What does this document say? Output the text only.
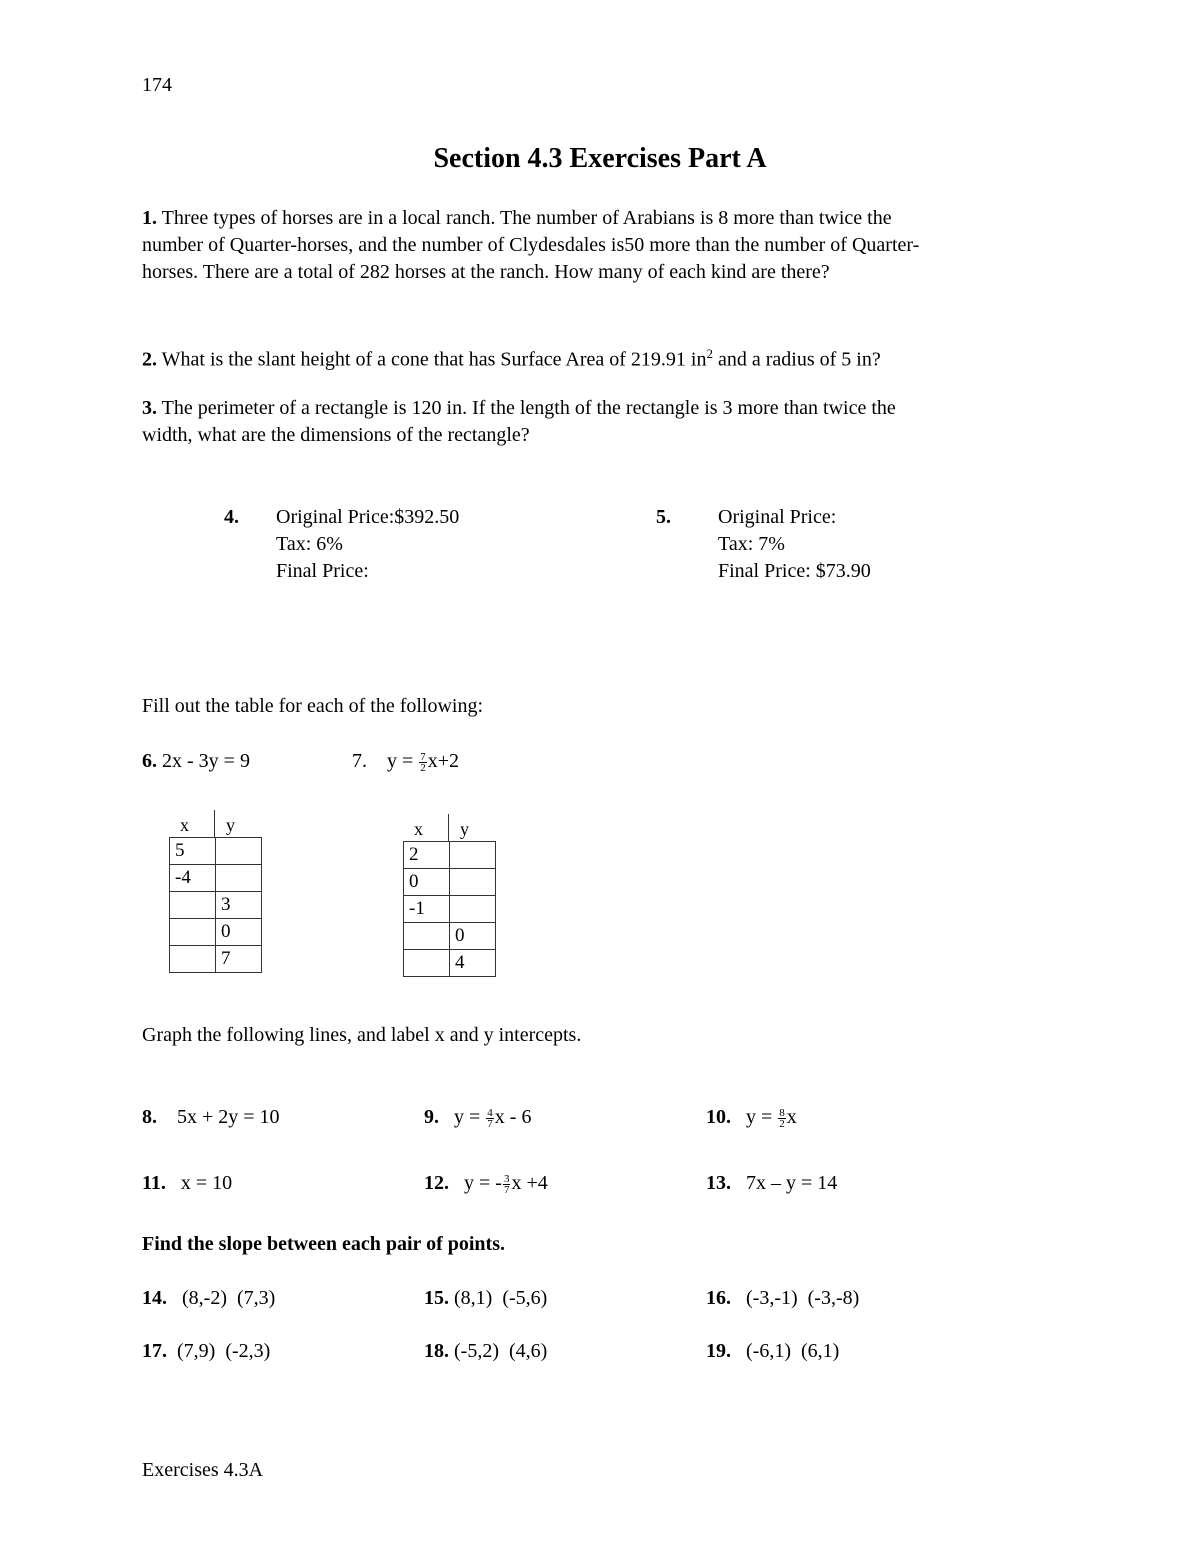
174
Section 4.3 Exercises Part A
1. Three types of horses are in a local ranch. The number of Arabians is 8 more than twice the
number of Quarter-horses, and the number of Clydesdales is50 more than the number of Quarter-
horses. There are a total of 282 horses at the ranch. How many of each kind are there?
2. What is the slant height of a cone that has Surface Area of 219.91 $in^2$ and a radius of 5 in?
3. The perimeter of a rectangle is 120 in. If the length of the rectangle is 3 more than twice the
width, what are the dimensions of the rectangle?
4. Original Price:$392.50
Tax: 6%
Final Price:
5. Original Price:
Tax: 7%
Final Price: $73.90
Fill out the table for each of the following:
6. 2x - 3y = 9	7. $y = \frac{7}{2} x+2$
x y
5	
-4	
	3
	0
	7
x y
2	
0	
-1	
	0
	4
Graph the following lines, and label x and y intercepts.
8. 5x + 2y = 10	9. $y = \frac{4}{7}$ x - 6	10. $y = \frac{8}{2}$ x
11. x = 10	12. y = - $\frac{3}{7}$ x +4	13. 7x – y = 14
Find the slope between each pair of points.
14. (8,-2)  (7,3)	15. (8,1)  (-5,6)	16. (-3,-1)  (-3,-8)
17. (7,9)  (-2,3)	18. (-5,2)  (4,6)	19. (-6,1)  (6,1)
Exercises 4.3A
